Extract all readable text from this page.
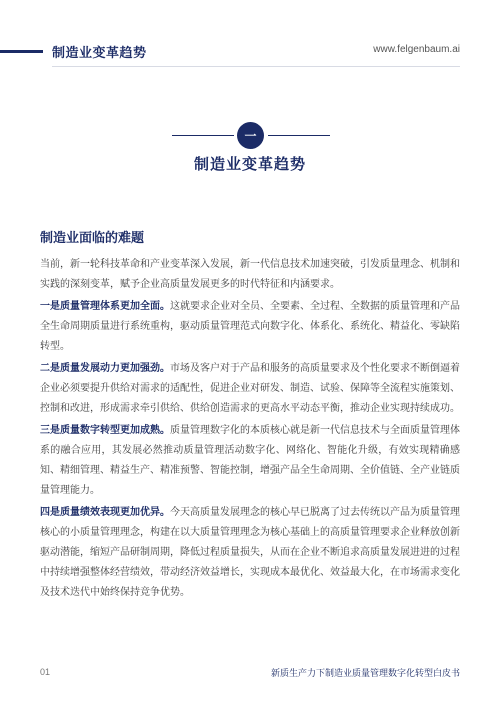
制造业变革趋势	www.felgenbaum.ai
一
制造业变革趋势
制造业面临的难题

当前，新一轮科技革命和产业变革深入发展，新一代信息技术加速突破，引发质量理念、机制和实践的深刻变革，赋予企业高质量发展更多的时代特征和内涵要求。

一是质量管理体系更加全面。这就要求企业对全员、全要素、全过程、全数据的质量管理和产品全生命周期质量进行系统重构，驱动质量管理范式向数字化、体系化、系统化、精益化、零缺陷转型。

二是质量发展动力更加强劲。市场及客户对于产品和服务的高质量要求及个性化要求不断倒逼着企业必须要提升供给对需求的适配性，促进企业对研发、制造、试验、保障等全流程实施策划、控制和改进，形成需求牵引供给、供给创造需求的更高水平动态平衡，推动企业实现持续成功。

三是质量数字转型更加成熟。质量管理数字化的本质核心就是新一代信息技术与全面质量管理体系的融合应用，其发展必然推动质量管理活动数字化、网络化、智能化升级，有效实现精确感知、精细管理、精益生产、精准预警、智能控制，增强产品全生命周期、全价值链、全产业链质量管理能力。

四是质量绩效表现更加优异。今天高质量发展理念的核心早已脱离了过去传统以产品为质量管理核心的小质量管理理念，构建在以大质量管理理念为核心基础上的高质量管理要求企业释放创新驱动潜能，缩短产品研制周期，降低过程质量损失，从而在企业不断追求高质量发展进进的过程中持续增强整体经营绩效，带动经济效益增长，实现成本最优化、效益最大化，在市场需求变化及技术迭代中始终保持竞争优势。

01	新质生产力下制造业质量管理数字化转型白皮书
